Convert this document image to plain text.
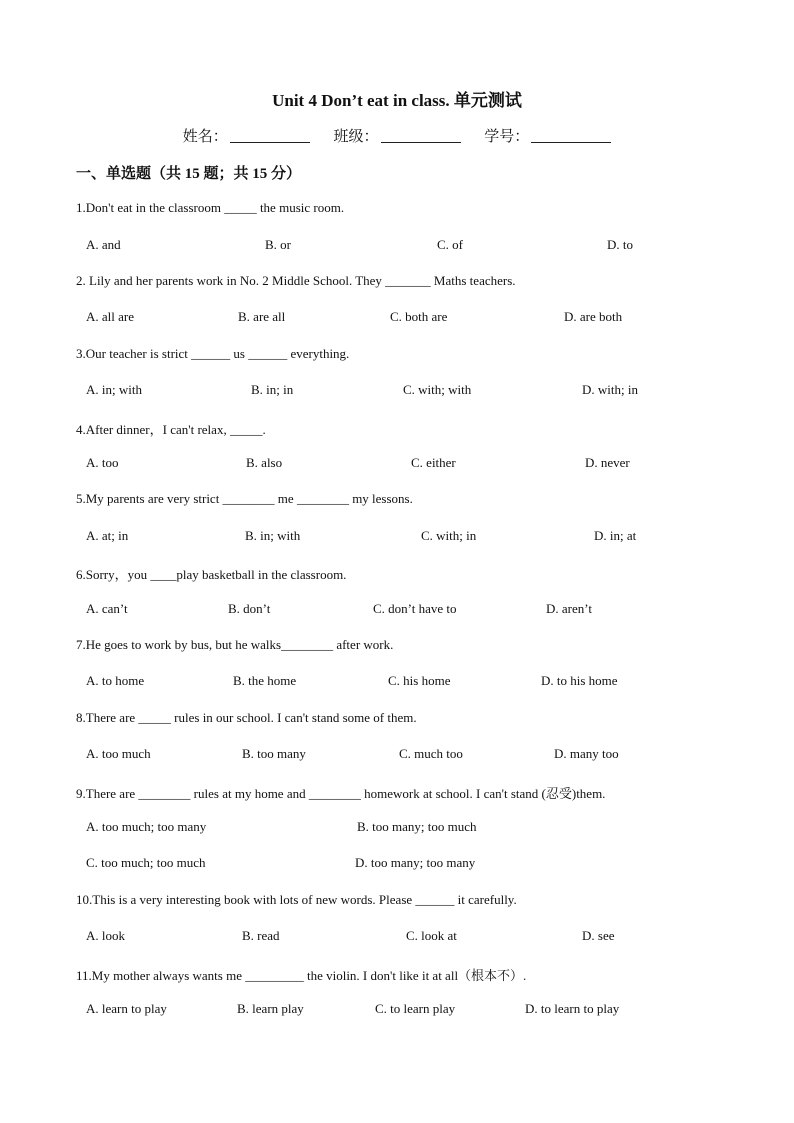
Unit 4 Don’t eat in class. 单元测试
姓名：	班级：	学号：
一、单选题（共 15 题；共 15 分）
1.Don't eat in the classroom _____ the music room.
A. and	B. or	C. of	D. to
2. Lily and her parents work in No. 2 Middle School. They _______ Maths teachers.
A. all are	B. are all	C. both are	D. are both
3.Our teacher is strict ______ us ______ everything.
A. in; with	B. in; in	C. with; with	D. with; in
4.After dinner，I can't relax, _____.
A. too	B. also	C. either	D. never
5.My parents are very strict ________ me ________ my lessons.
A. at; in	B. in; with	C. with; in	D. in; at
6.Sorry，you ____play basketball in the classroom.
A. can’t	B. don’t	C. don’t have to	D. aren’t
7.He goes to work by bus, but he walks________ after work.
A. to home	B. the home	C. his home	D. to his home
8.There are _____ rules in our school. I can't stand some of them.
A. too much	B. too many	C. much too	D. many too
9.There are ________ rules at my home and ________ homework at school. I can't stand (忍受)them.
A. too much; too many	B. too many; too much
C. too much; too much	D. too many; too many
10.This is a very interesting book with lots of new words. Please ______ it carefully.
A. look	B. read	C. look at	D. see
11.My mother always wants me _________ the violin. I don't like it at all（根本不）.
A. learn to play	B. learn play	C. to learn play	D. to learn to play
